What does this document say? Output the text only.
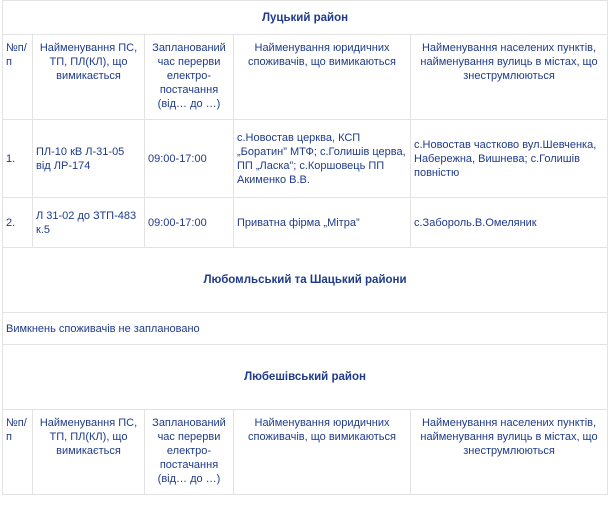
Луцький район				
№п/п	Найменування ПС, ТП, ПЛ(КЛ), що вимикається	Запланований час перерви електро-постачання (від… до …)	Найменування юридичних споживачів, що вимикаються	Найменування населених пунктів, найменування вулиць в містах, що знеструмлюються
1.	ПЛ-10 кВ Л-31-05 від ЛР-174	09:00-17:00	с.Новостав церква, КСП „Боратин” МТФ; с.Голишів церва, ПП „Ласка”; с.Коршовець ПП Акименко В.В.	с.Новостав частково вул.Шевченка, Набережна, Вишнева; с.Голишів повністю
2.	Л 31-02 до ЗТП-483 к.5	09:00-17:00	Приватна фірма „Мітра”	с.Забороль.В.Омеляник
Любомльський та Шацький райони				
Вимкнень споживачів не заплановано				
Любешівський район				
№п/п	Найменування ПС, ТП, ПЛ(КЛ), що вимикається	Запланований час перерви електро-постачання (від… до …)	Найменування юридичних споживачів, що вимикаються	Найменування населених пунктів, найменування вулиць в містах, що знеструмлюються
